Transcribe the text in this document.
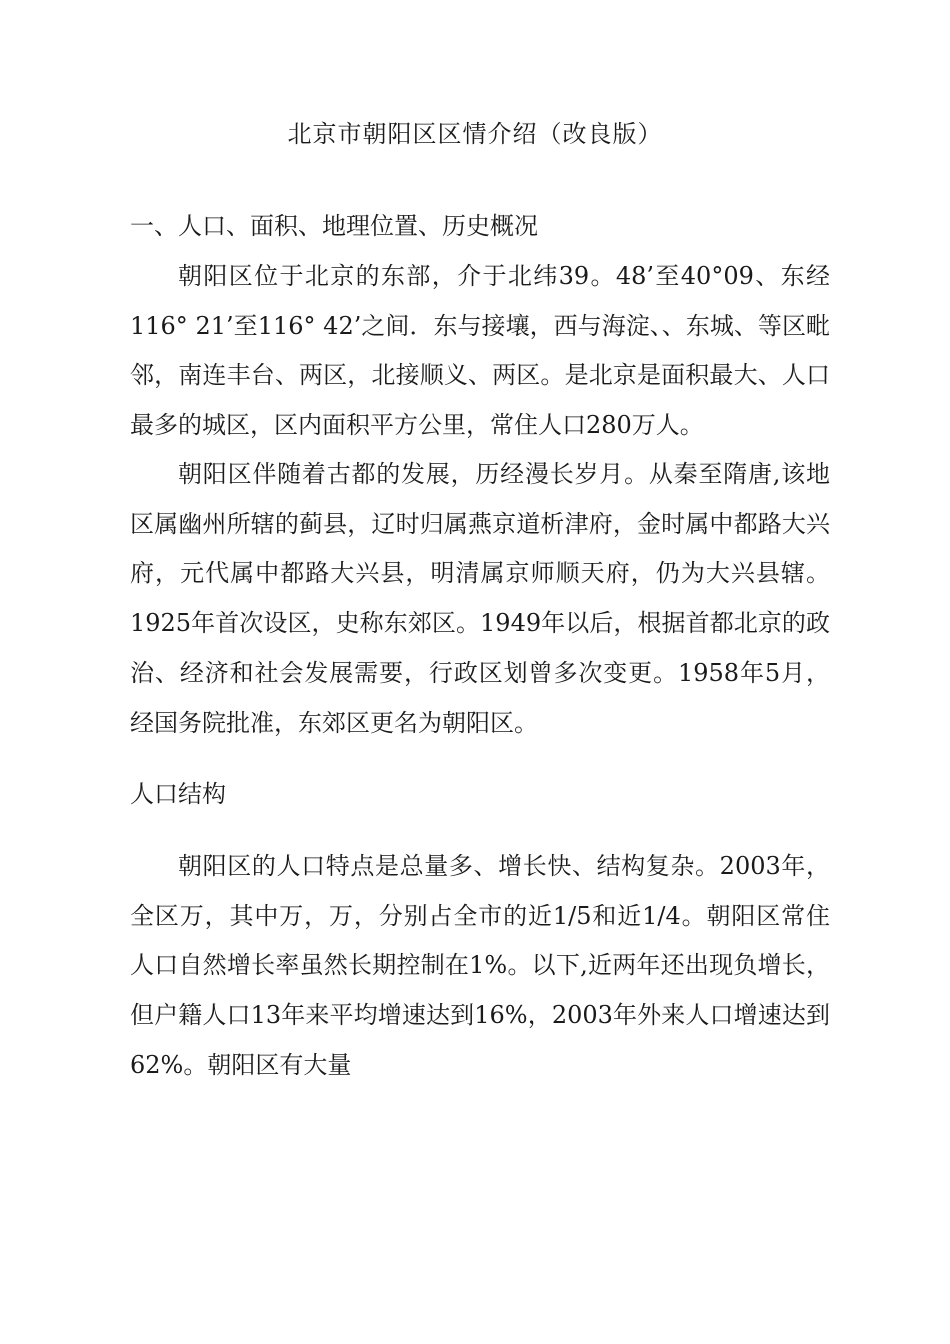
北京市朝阳区区情介绍（改良版）
一、人口、面积、地理位置、历史概况

朝阳区位于北京的东部，介于北纬39。48’至40°09、东经116° 21’至116° 42’之间．东与接壤，西与海淀、、东城、等区毗邻，南连丰台、两区，北接顺义、两区。是北京是面积最大、人口最多的城区，区内面积平方公里，常住人口280万人。

朝阳区伴随着古都的发展，历经漫长岁月。从秦至隋唐,该地区属幽州所辖的蓟县，辽时归属燕京道析津府，金时属中都路大兴府，元代属中都路大兴县，明清属京师顺天府，仍为大兴县辖。1925年首次设区，史称东郊区。1949年以后，根据首都北京的政治、经济和社会发展需要，行政区划曾多次变更。1958年5月，经国务院批准，东郊区更名为朝阳区。

人口结构

朝阳区的人口特点是总量多、增长快、结构复杂。2003年，全区万，其中万，万，分别占全市的近1/5和近1/4。朝阳区常住人口自然增长率虽然长期控制在1%。以下,近两年还出现负增长，但户籍人口13年来平均增速达到16%，2003年外来人口增速达到62%。朝阳区有大量
